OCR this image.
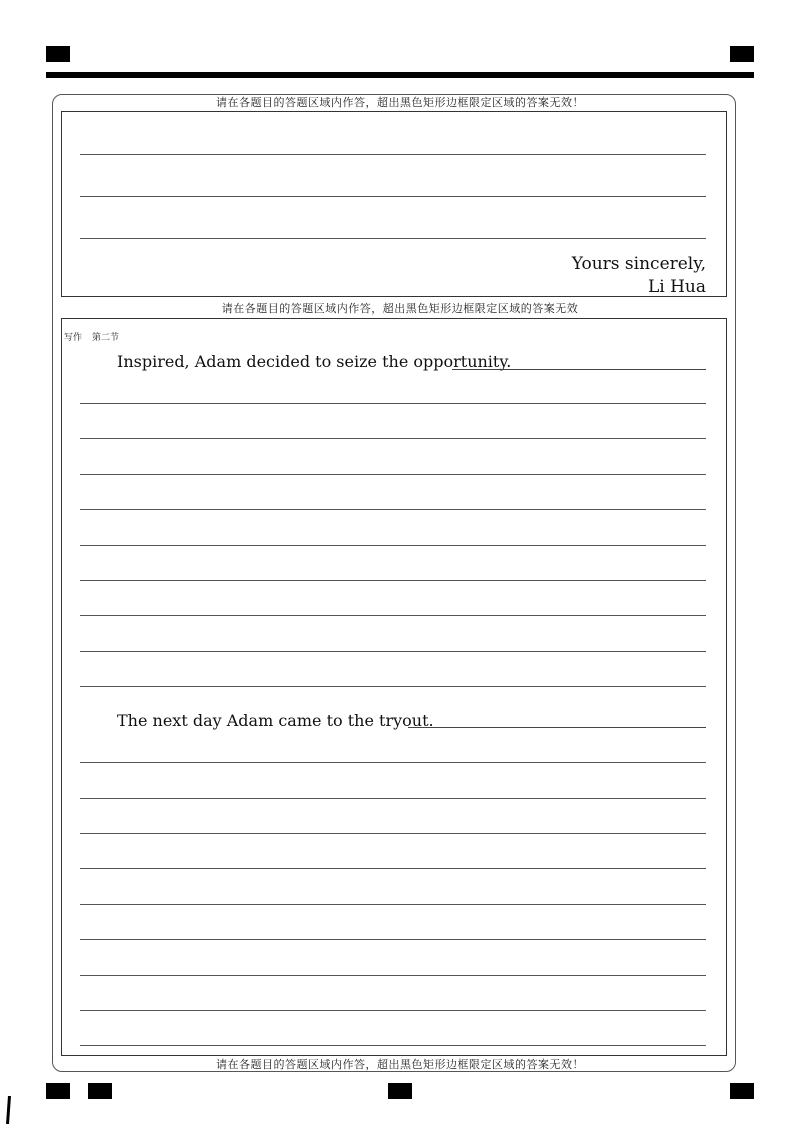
请在各题目的答题区域内作答，超出黑色矩形边框限定区域的答案无效！
Yours sincerely,
Li Hua
请在各题目的答题区域内作答，超出黑色矩形边框限定区域的答案无效
写作 第二节
Inspired, Adam decided to seize the opportunity.
The next day Adam came to the tryout.
请在各题目的答题区域内作答，超出黑色矩形边框限定区域的答案无效！
